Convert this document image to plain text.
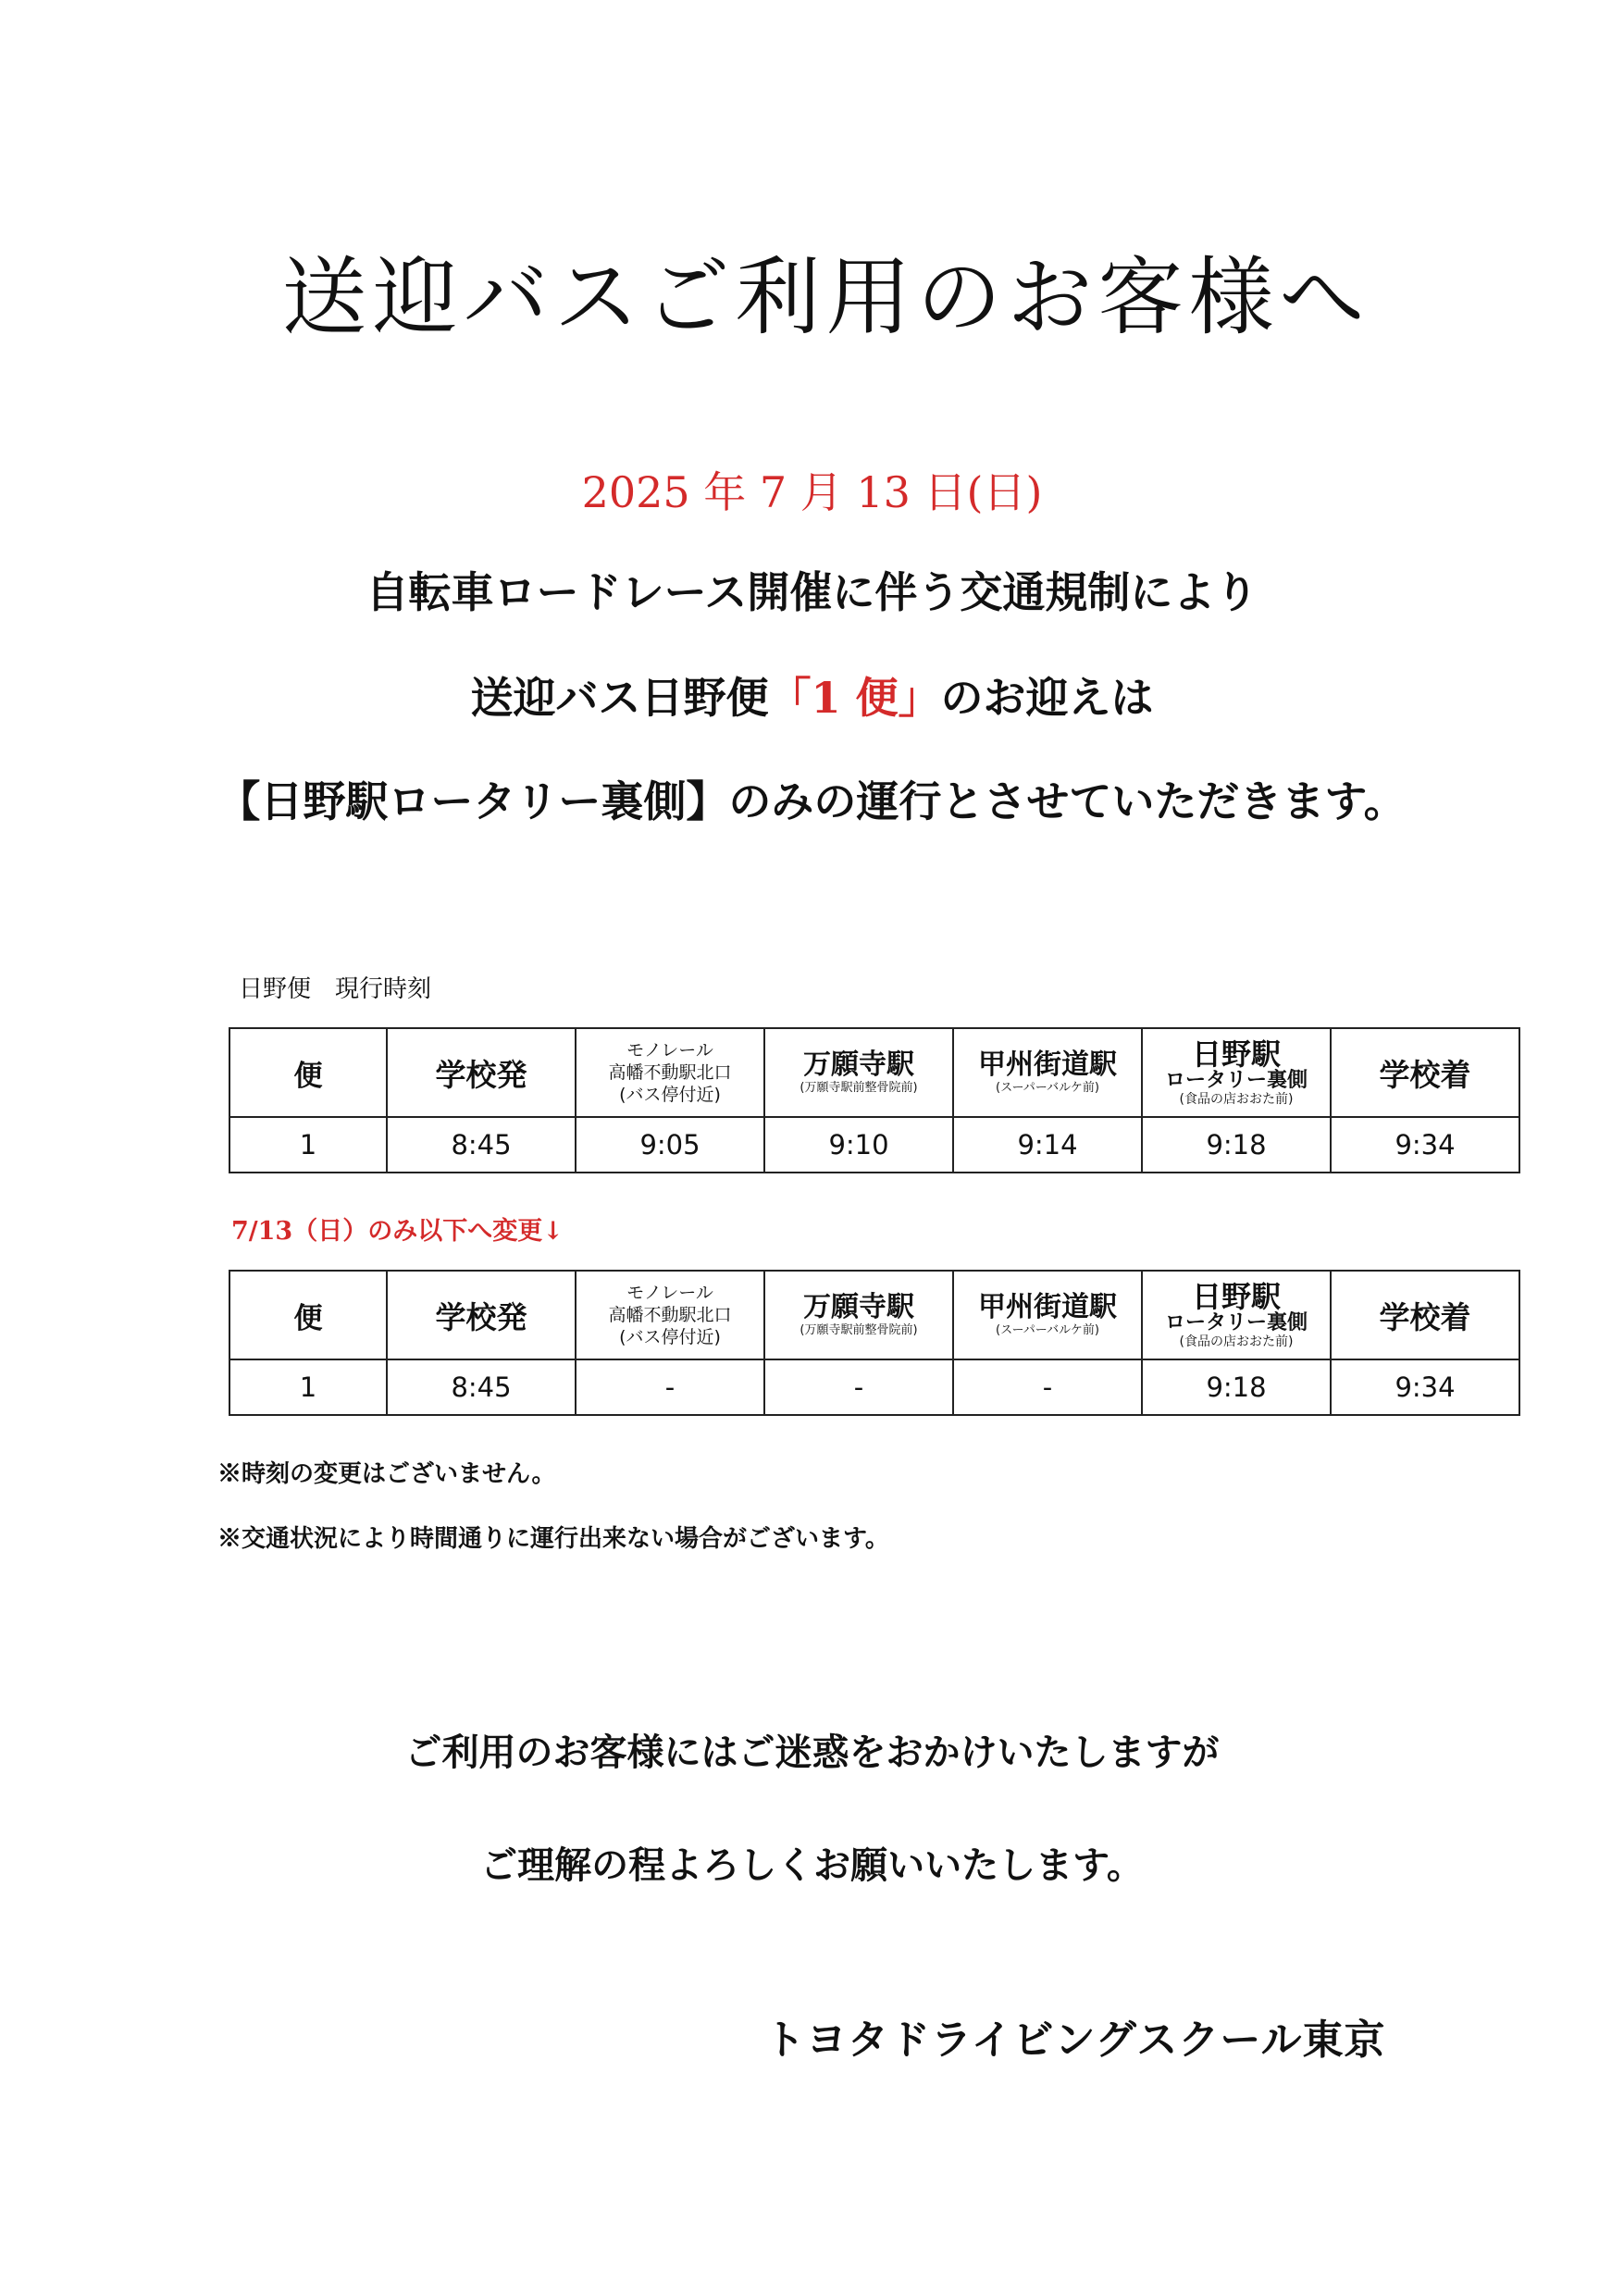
送迎バスご利用のお客様へ
2025 年 7 月 13 日(日)
自転車ロードレース開催に伴う交通規制により
送迎バス日野便「1 便」のお迎えは
【日野駅ロータリー裏側】のみの運行とさせていただきます。
日野便　現行時刻
便	学校発	モノレール
高幡不動駅北口
(バス停付近)	万願寺駅
(万願寺駅前整骨院前)	甲州街道駅
(スーパーバルケ前)	日野駅
ロータリー裏側
(食品の店おおた前)	学校着
1	8:45	9:05	9:10	9:14	9:18	9:34
7/13（日）のみ以下へ変更↓
便	学校発	モノレール
高幡不動駅北口
(バス停付近)	万願寺駅
(万願寺駅前整骨院前)	甲州街道駅
(スーパーバルケ前)	日野駅
ロータリー裏側
(食品の店おおた前)	学校着
1	8:45	-	-	-	9:18	9:34
※時刻の変更はございません。
※交通状況により時間通りに運行出来ない場合がございます。
ご利用のお客様にはご迷惑をおかけいたしますが
ご理解の程よろしくお願いいたします。
トヨタドライビングスクール東京
